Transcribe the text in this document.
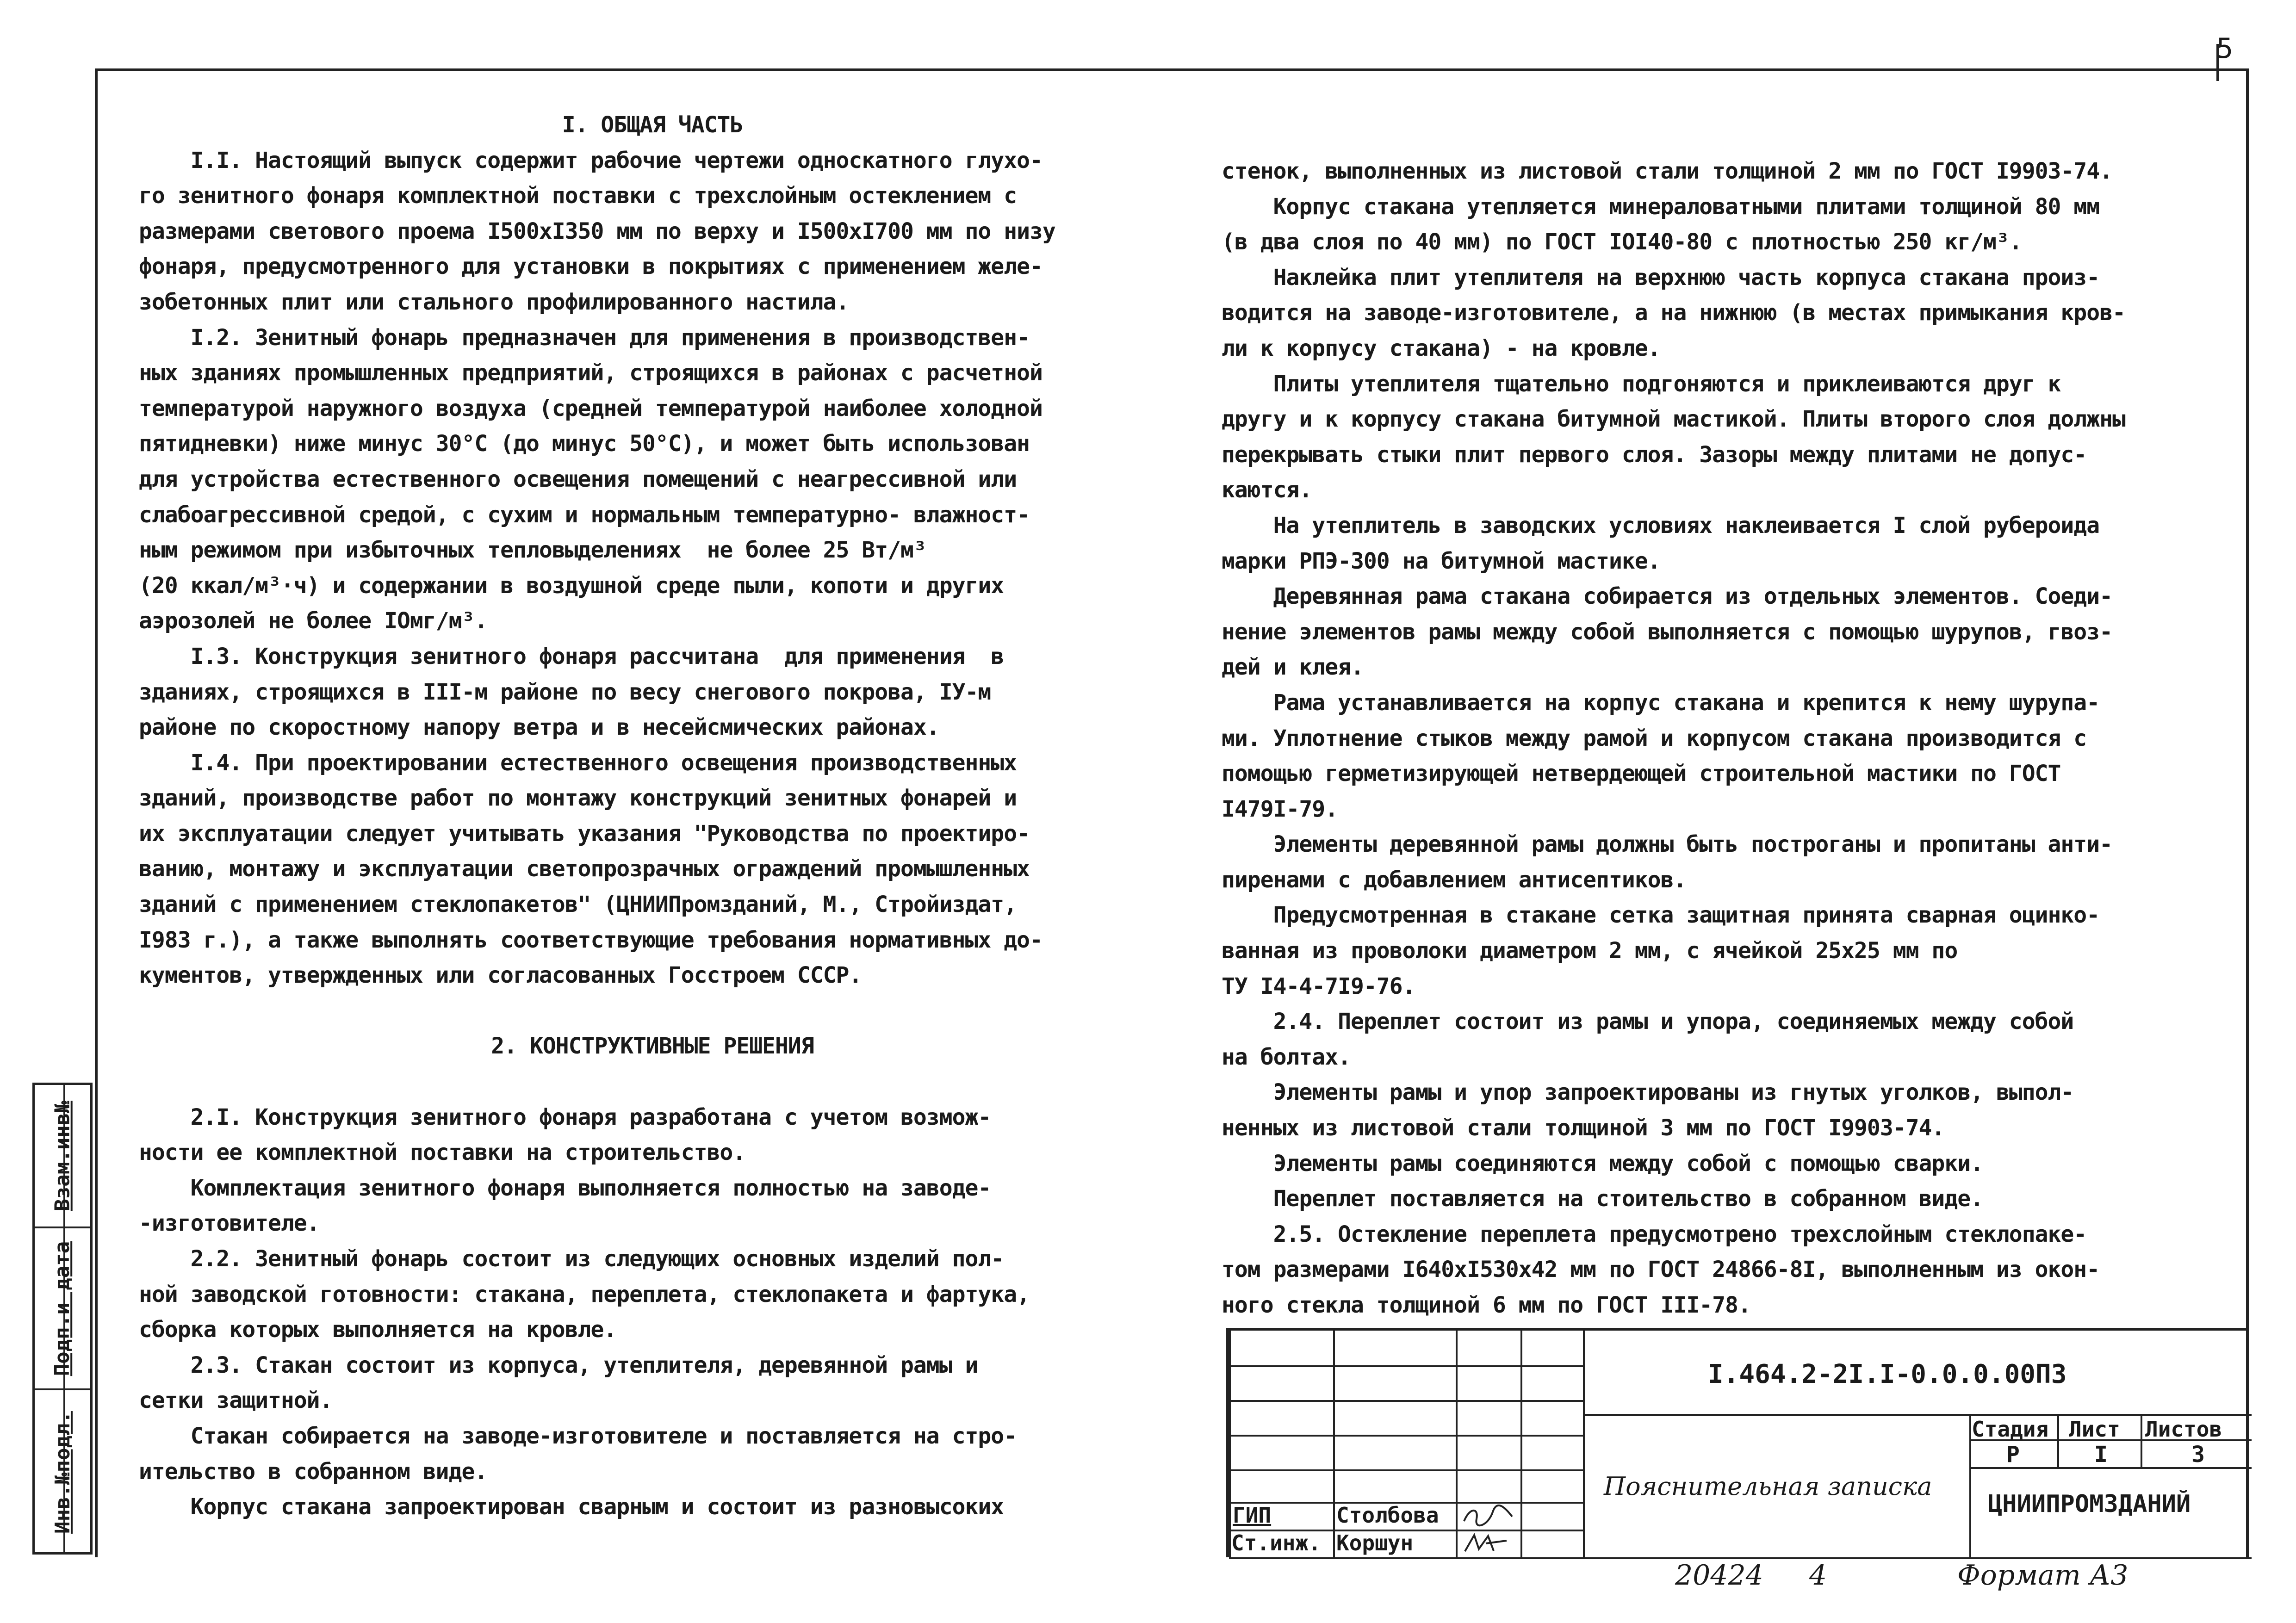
5
Взам.инв№
Подп.и дата
Инв.№подл.

I. ОБЩАЯ ЧАСТЬ

I.I. Настоящий выпуск содержит рабочие чертежи односкатного глухо-

го зенитного фонаря комплектной поставки с трехслойным остеклением с

размерами светового проема I500xI350 мм по верху и I500xI700 мм по низу

фонаря, предусмотренного для установки в покрытиях с применением желе-

зобетонных плит или стального профилированного настила.

I.2. Зенитный фонарь предназначен для применения в производствен-

ных зданиях промышленных предприятий, строящихся в районах с расчетной

температурой наружного воздуха (средней температурой наиболее холодной

пятидневки) ниже минус 30°C (до минус 50°C), и может быть использован

для устройства естественного освещения помещений с неагрессивной или

слабоагрессивной средой, с сухим и нормальным температурно- влажност-

ным режимом при избыточных тепловыделениях  не более 25 Вт/м³

(20 ккал/м³·ч) и содержании в воздушной среде пыли, копоти и других

аэрозолей не более IОмг/м³.

I.3. Конструкция зенитного фонаря рассчитана  для применения  в

зданиях, строящихся в III-м районе по весу снегового покрова, IУ-м

районе по скоростному напору ветра и в несейсмических районах.

I.4. При проектировании естественного освещения производственных

зданий, производстве работ по монтажу конструкций зенитных фонарей и

их эксплуатации следует учитывать указания "Руководства по проектиро-

ванию, монтажу и эксплуатации светопрозрачных ограждений промышленных

зданий с применением стеклопакетов" (ЦНИИПромзданий, М., Стройиздат,

I983 г.), а также выполнять соответствующие требования нормативных до-

кументов, утвержденных или согласованных Госстроем СССР.

2. КОНСТРУКТИВНЫЕ РЕШЕНИЯ

2.I. Конструкция зенитного фонаря разработана с учетом возмож-

ности ее комплектной поставки на строительство.

Комплектация зенитного фонаря выполняется полностью на заводе-

-изготовителе.

2.2. Зенитный фонарь состоит из следующих основных изделий пол-

ной заводской готовности: стакана, переплета, стеклопакета и фартука,

сборка которых выполняется на кровле.

2.3. Стакан состоит из корпуса, утеплителя, деревянной рамы и

сетки защитной.

Стакан собирается на заводе-изготовителе и поставляется на стро-

ительство в собранном виде.

Корпус стакана запроектирован сварным и состоит из разновысоких

стенок, выполненных из листовой стали толщиной 2 мм по ГОСТ I9903-74.

Корпус стакана утепляется минераловатными плитами толщиной 80 мм

(в два слоя по 40 мм) по ГОСТ IОI40-80 с плотностью 250 кг/м³.

Наклейка плит утеплителя на верхнюю часть корпуса стакана произ-

водится на заводе-изготовителе, а на нижнюю (в местах примыкания кров-

ли к корпусу стакана) - на кровле.

Плиты утеплителя тщательно подгоняются и приклеиваются друг к

другу и к корпусу стакана битумной мастикой. Плиты второго слоя должны

перекрывать стыки плит первого слоя. Зазоры между плитами не допус-

каются.

На утеплитель в заводских условиях наклеивается I слой рубероида

марки РПЭ-300 на битумной мастике.

Деревянная рама стакана собирается из отдельных элементов. Соеди-

нение элементов рамы между собой выполняется с помощью шурупов, гвоз-

дей и клея.

Рама устанавливается на корпус стакана и крепится к нему шурупа-

ми. Уплотнение стыков между рамой и корпусом стакана производится с

помощью герметизирующей нетвердеющей строительной мастики по ГОСТ

I479I-79.

Элементы деревянной рамы должны быть построганы и пропитаны анти-

пиренами с добавлением антисептиков.

Предусмотренная в стакане сетка защитная принята сварная оцинко-

ванная из проволоки диаметром 2 мм, с ячейкой 25x25 мм по

ТУ I4-4-7I9-76.

2.4. Переплет состоит из рамы и упора, соединяемых между собой

на болтах.

Элементы рамы и упор запроектированы из гнутых уголков, выпол-

ненных из листовой стали толщиной 3 мм по ГОСТ I9903-74.

Элементы рамы соединяются между собой с помощью сварки.

Переплет поставляется на стоительство в собранном виде.

2.5. Остекление переплета предусмотрено трехслойным стеклопаке-

том размерами I640xI530x42 мм по ГОСТ 24866-8I, выполненным из окон-

ного стекла толщиной 6 мм по ГОСТ III-78.

I.464.2-2I.I-0.0.0.00ПЗ
Стадия Лист Листов
Р	I	3
Пояснительная записка
ЦНИИПРОМЗДАНИЙ
ГИП	Столбова
Ст.инж. Коршун
20424 4	Формат А3
